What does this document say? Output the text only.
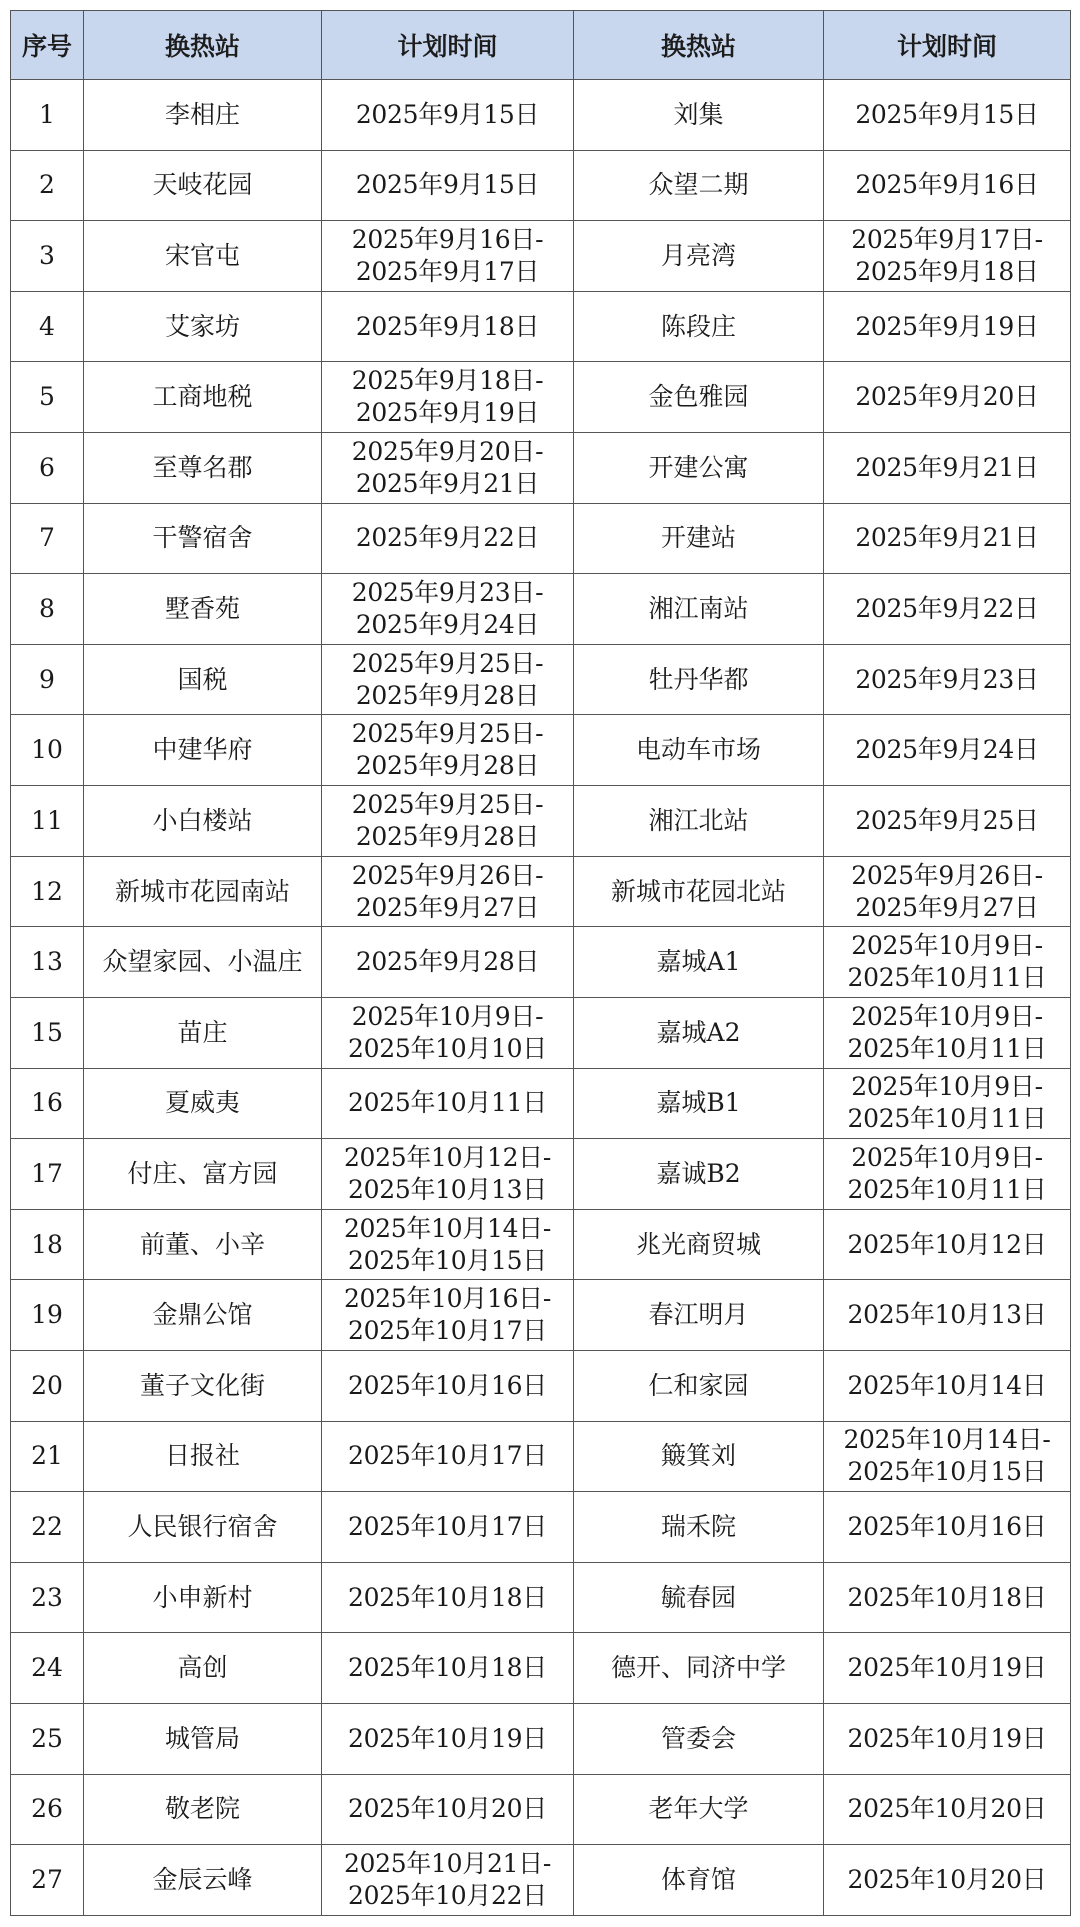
序号	换热站	计划时间	换热站	计划时间
1	李相庄	2025年9月15日	刘集	2025年9月15日

2	天岐花园	2025年9月15日	众望二期	2025年9月16日

3	宋官屯	2025年9月16日-
2025年9月17日	月亮湾	2025年9月17日-
2025年9月18日

4	艾家坊	2025年9月18日	陈段庄	2025年9月19日

5	工商地税	2025年9月18日-
2025年9月19日	金色雅园	2025年9月20日

6	至尊名郡	2025年9月20日-
2025年9月21日	开建公寓	2025年9月21日

7	干警宿舍	2025年9月22日	开建站	2025年9月21日

8	墅香苑	2025年9月23日-
2025年9月24日	湘江南站	2025年9月22日

9	国税	2025年9月25日-
2025年9月28日	牡丹华都	2025年9月23日

10	中建华府	2025年9月25日-
2025年9月28日	电动车市场	2025年9月24日

11	小白楼站	2025年9月25日-
2025年9月28日	湘江北站	2025年9月25日

12	新城市花园南站	2025年9月26日-
2025年9月27日	新城市花园北站	2025年9月26日-
2025年9月27日

13	众望家园、小温庄	2025年9月28日	嘉城A1	2025年10月9日-
2025年10月11日

15	苗庄	2025年10月9日-
2025年10月10日	嘉城A2	2025年10月9日-
2025年10月11日

16	夏威夷	2025年10月11日	嘉城B1	2025年10月9日-
2025年10月11日

17	付庄、富方园	2025年10月12日-
2025年10月13日	嘉诚B2	2025年10月9日-
2025年10月11日

18	前董、小辛	2025年10月14日-
2025年10月15日	兆光商贸城	2025年10月12日

19	金鼎公馆	2025年10月16日-
2025年10月17日	春江明月	2025年10月13日

20	董子文化街	2025年10月16日	仁和家园	2025年10月14日

21	日报社	2025年10月17日	簸箕刘	2025年10月14日-
2025年10月15日

22	人民银行宿舍	2025年10月17日	瑞禾院	2025年10月16日

23	小申新村	2025年10月18日	毓春园	2025年10月18日

24	高创	2025年10月18日	德开、同济中学	2025年10月19日

25	城管局	2025年10月19日	管委会	2025年10月19日

26	敬老院	2025年10月20日	老年大学	2025年10月20日

27	金辰云峰	2025年10月21日-
2025年10月22日	体育馆	2025年10月20日
